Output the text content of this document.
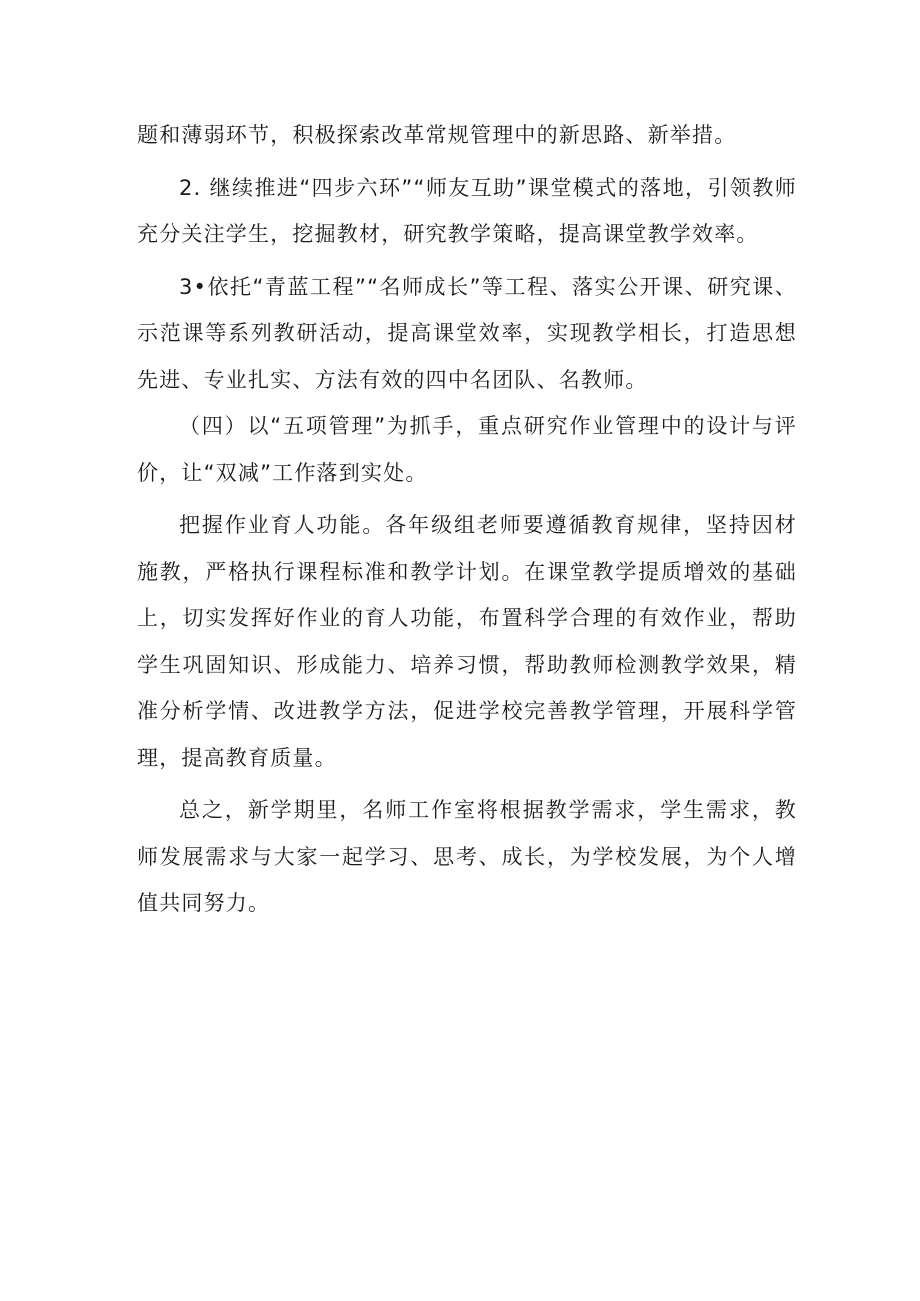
题和薄弱环节，积极探索改革常规管理中的新思路、新举措。

2. 继续推进“四步六环”“师友互助”课堂模式的落地，引领教师充分关注学生，挖掘教材，研究教学策略，提高课堂教学效率。

3•依托“青蓝工程”“名师成长”等工程、落实公开课、研究课、示范课等系列教研活动，提高课堂效率，实现教学相长，打造思想先进、专业扎实、方法有效的四中名团队、名教师。

（四）以“五项管理”为抓手，重点研究作业管理中的设计与评价，让“双减”工作落到实处。

把握作业育人功能。各年级组老师要遵循教育规律，坚持因材施教，严格执行课程标准和教学计划。在课堂教学提质增效的基础上，切实发挥好作业的育人功能，布置科学合理的有效作业，帮助学生巩固知识、形成能力、培养习惯，帮助教师检测教学效果，精准分析学情、改进教学方法，促进学校完善教学管理，开展科学管理，提高教育质量。

总之，新学期里，名师工作室将根据教学需求，学生需求，教师发展需求与大家一起学习、思考、成长，为学校发展，为个人增值共同努力。
